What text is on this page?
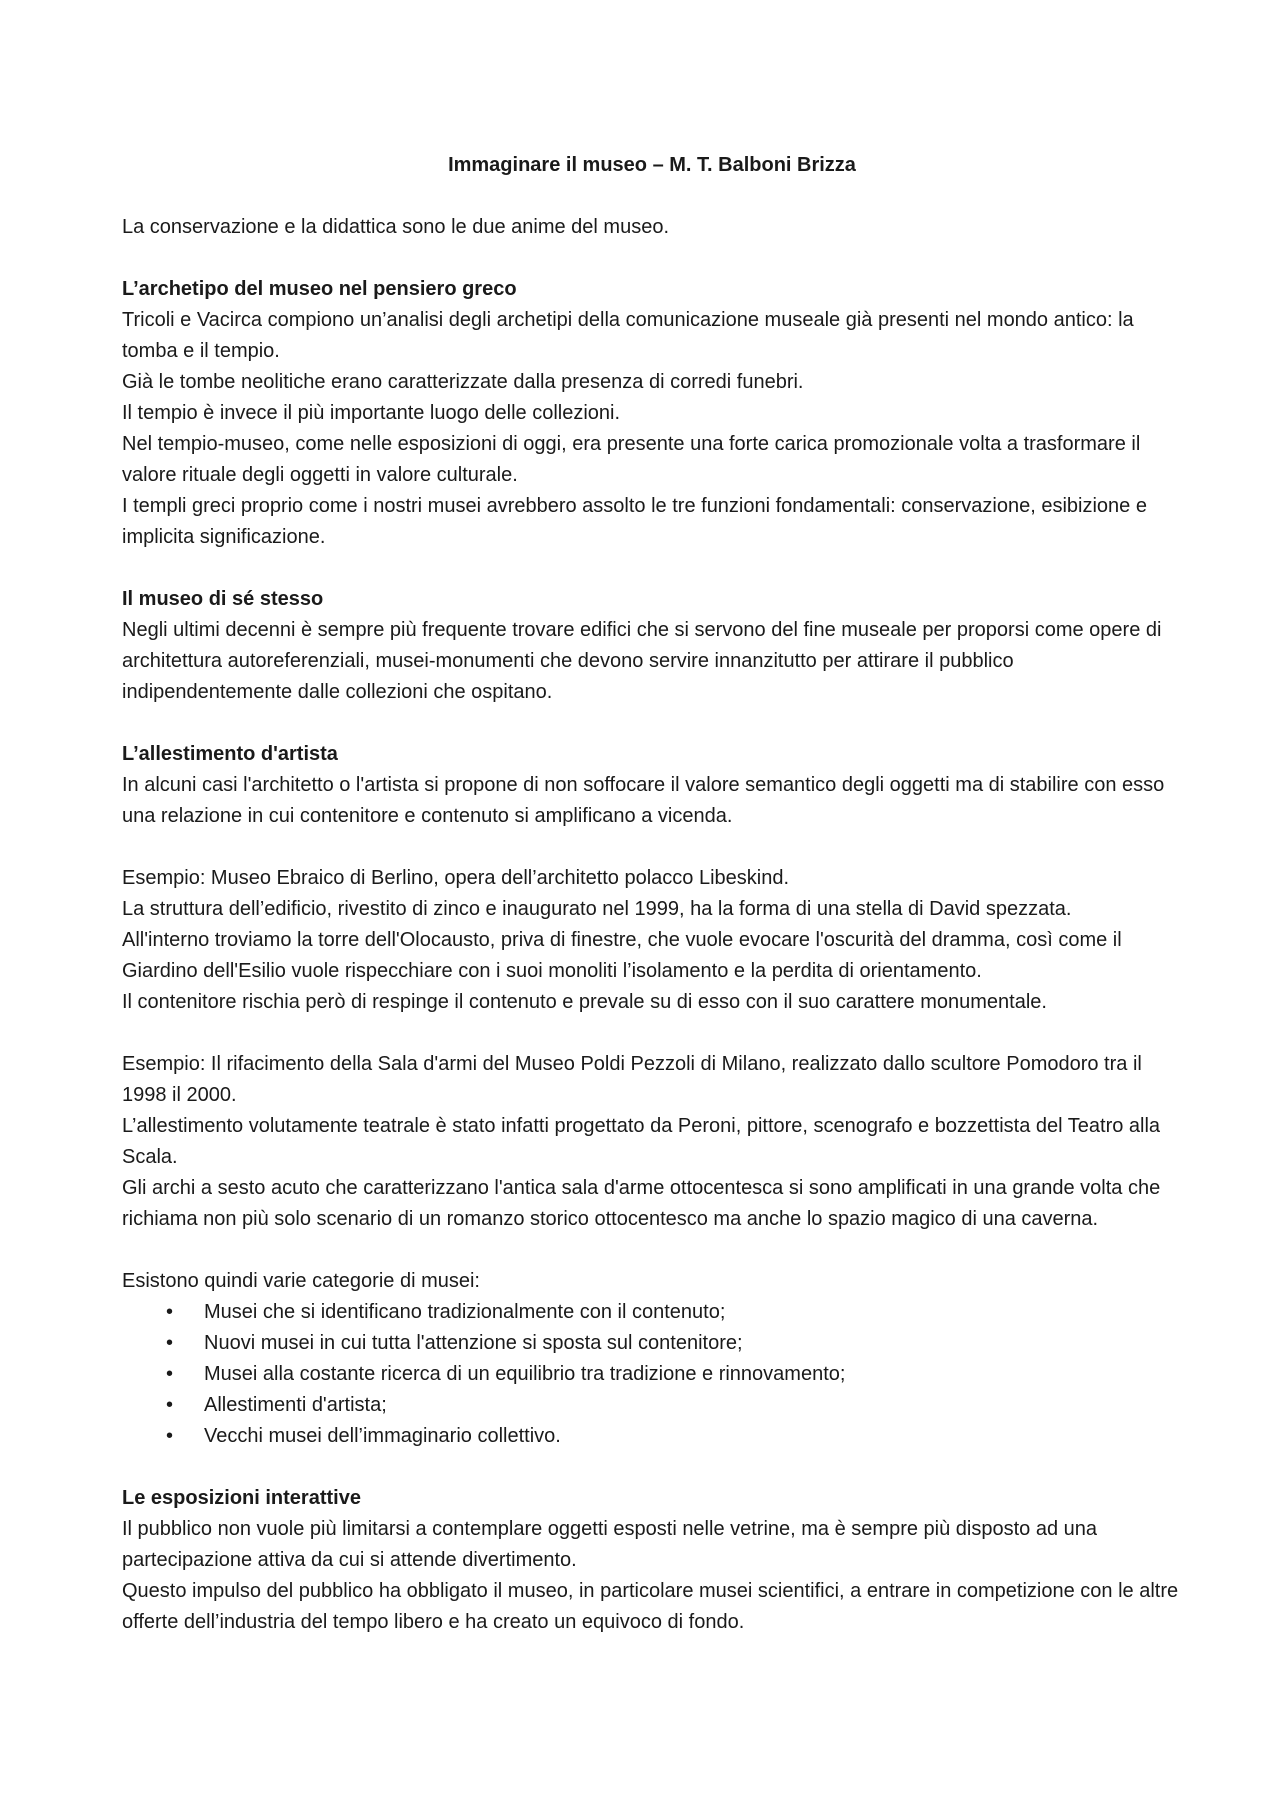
Immaginare il museo – M. T. Balboni Brizza

La conservazione e la didattica sono le due anime del museo.

L’archetipo del museo nel pensiero greco

Tricoli e Vacirca compiono un’analisi degli archetipi della comunicazione museale già presenti nel mondo antico: la tomba e il tempio.

Già le tombe neolitiche erano caratterizzate dalla presenza di corredi funebri.

Il tempio è invece il più importante luogo delle collezioni.

Nel tempio-museo, come nelle esposizioni di oggi, era presente una forte carica promozionale volta a trasformare il valore rituale degli oggetti in valore culturale.

I templi greci proprio come i nostri musei avrebbero assolto le tre funzioni fondamentali: conservazione, esibizione e implicita significazione.

Il museo di sé stesso

Negli ultimi decenni è sempre più frequente trovare edifici che si servono del fine museale per proporsi come opere di architettura autoreferenziali, musei-monumenti che devono servire innanzitutto per attirare il pubblico indipendentemente dalle collezioni che ospitano.

L’allestimento d'artista

In alcuni casi l'architetto o l'artista si propone di non soffocare il valore semantico degli oggetti ma di stabilire con esso una relazione in cui contenitore e contenuto si amplificano a vicenda.

Esempio: Museo Ebraico di Berlino, opera dell’architetto polacco Libeskind.

La struttura dell’edificio, rivestito di zinco e inaugurato nel 1999, ha la forma di una stella di David spezzata.

All'interno troviamo la torre dell'Olocausto, priva di finestre, che vuole evocare l'oscurità del dramma, così come il Giardino dell'Esilio vuole rispecchiare con i suoi monoliti l’isolamento e la perdita di orientamento.

Il contenitore rischia però di respinge il contenuto e prevale su di esso con il suo carattere monumentale.

Esempio: Il rifacimento della Sala d'armi del Museo Poldi Pezzoli di Milano, realizzato dallo scultore Pomodoro tra il 1998 il 2000.

L’allestimento volutamente teatrale è stato infatti progettato da Peroni, pittore, scenografo e bozzettista del Teatro alla Scala.

Gli archi a sesto acuto che caratterizzano l'antica sala d'arme ottocentesca si sono amplificati in una grande volta che richiama non più solo scenario di un romanzo storico ottocentesco ma anche lo spazio magico di una caverna.

Esistono quindi varie categorie di musei:

• Musei che si identificano tradizionalmente con il contenuto;
• Nuovi musei in cui tutta l'attenzione si sposta sul contenitore;
• Musei alla costante ricerca di un equilibrio tra tradizione e rinnovamento;
• Allestimenti d'artista;
• Vecchi musei dell’immaginario collettivo.

Le esposizioni interattive

Il pubblico non vuole più limitarsi a contemplare oggetti esposti nelle vetrine, ma è sempre più disposto ad una partecipazione attiva da cui si attende divertimento.

Questo impulso del pubblico ha obbligato il museo, in particolare musei scientifici, a entrare in competizione con le altre offerte dell’industria del tempo libero e ha creato un equivoco di fondo.
